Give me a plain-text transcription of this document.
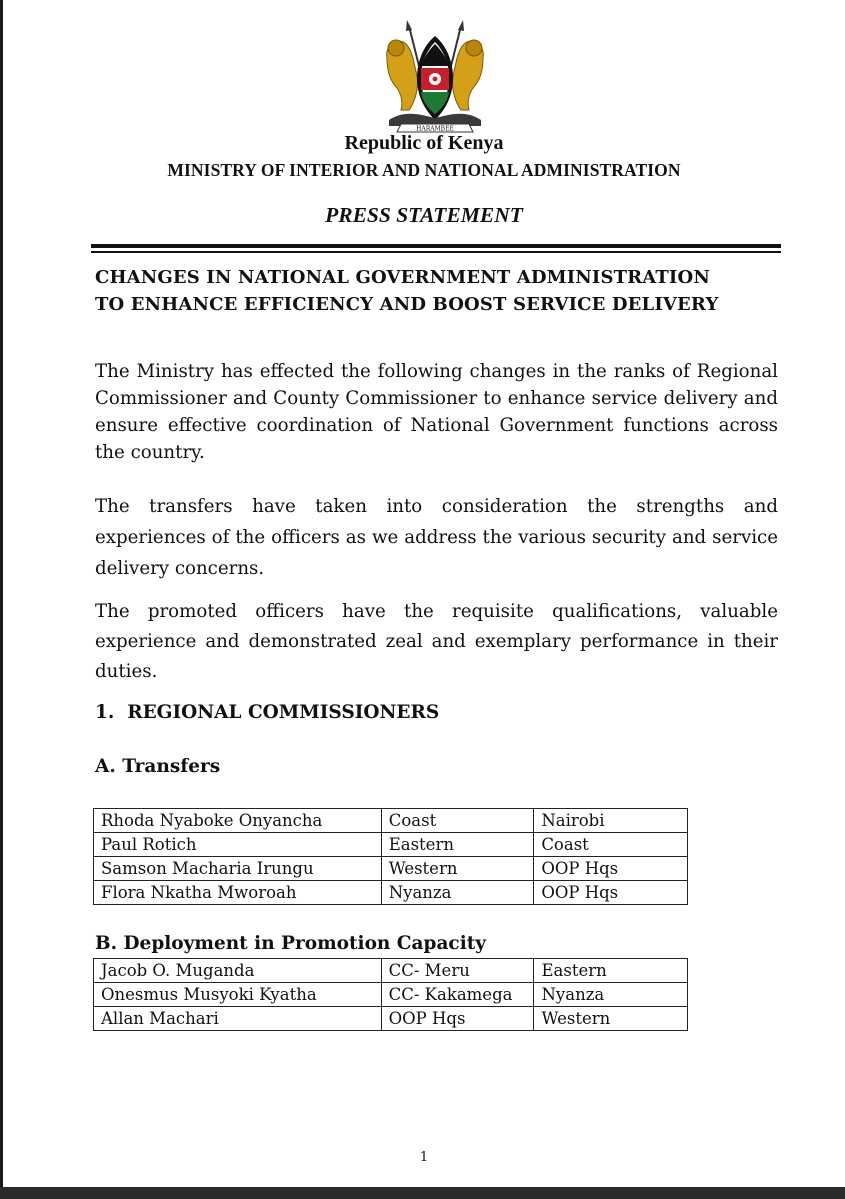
HARAMBEE
Republic of Kenya
MINISTRY OF INTERIOR AND NATIONAL ADMINISTRATION
PRESS STATEMENT
CHANGES IN NATIONAL GOVERNMENT ADMINISTRATION
TO ENHANCE EFFICIENCY AND BOOST SERVICE DELIVERY

The Ministry has effected the following changes in the ranks of Regional Commissioner and County Commissioner to enhance service delivery and ensure effective coordination of National Government functions across the country.

The transfers have taken into consideration the strengths and experiences of the officers as we address the various security and service delivery concerns.

The promoted officers have the requisite qualifications, valuable experience and demonstrated zeal and exemplary performance in their duties.

1.  REGIONAL COMMISSIONERS
A. Transfers
Rhoda Nyaboke Onyancha	Coast	Nairobi
Paul Rotich	Eastern	Coast
Samson Macharia Irungu	Western	OOP Hqs
Flora Nkatha Mworoah	Nyanza	OOP Hqs
B. Deployment in Promotion Capacity
Jacob O. Muganda	CC- Meru	Eastern
Onesmus Musyoki Kyatha	CC- Kakamega	Nyanza
Allan Machari	OOP Hqs	Western
1
